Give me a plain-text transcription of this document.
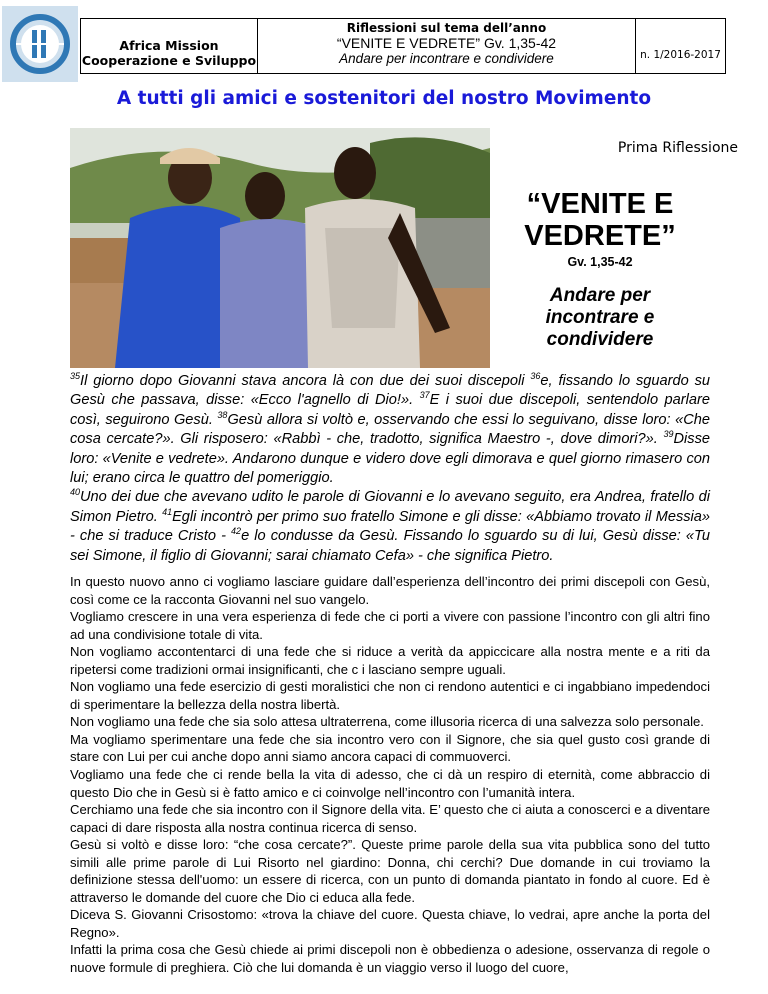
Africa Mission
Cooperazione e Sviluppo
Riflessioni sul tema dell’anno
“VENITE E VEDRETE” Gv. 1,35-42
Andare per incontrare e condividere	n. 1/2016-2017
A tutti gli amici e sostenitori del nostro Movimento
Prima Riflessione
“VENITE E
VEDRETE”
Gv. 1,35-42
Andare per
incontrare e
condividere
$^{35}$Il giorno dopo Giovanni stava ancora là con due dei suoi discepoli $^{36}$e, fissando lo sguardo su Gesù che passava, disse: «Ecco l'agnello di Dio!». $^{37}$E i suoi due discepoli, sentendolo parlare così, seguirono Gesù. $^{38}$Gesù allora si voltò e, osservando che essi lo seguivano, disse loro: «Che cosa cercate?». Gli risposero: «Rabbì - che, tradotto, significa Maestro -, dove dimori?». $^{39}$Disse loro: «Venite e vedrete». Andarono dunque e videro dove egli dimorava e quel giorno rimasero con lui; erano circa le quattro del pomeriggio.
$^{40}$Uno dei due che avevano udito le parole di Giovanni e lo avevano seguito, era Andrea, fratello di Simon Pietro. $^{41}$Egli incontrò per primo suo fratello Simone e gli disse: «Abbiamo trovato il Messia» - che si traduce Cristo - $^{42}$e lo condusse da Gesù. Fissando lo sguardo su di lui, Gesù disse: «Tu sei Simone, il figlio di Giovanni; sarai chiamato Cefa» - che significa Pietro.

In questo nuovo anno ci vogliamo lasciare guidare dall’esperienza dell’incontro dei primi discepoli con Gesù, così come ce la racconta Giovanni nel suo vangelo.

Vogliamo crescere in una vera esperienza di fede che ci porti a vivere con passione l’incontro con gli altri fino ad una condivisione totale di vita.

Non vogliamo accontentarci di una fede che si riduce a verità da appiccicare alla nostra mente e a riti da ripetersi come tradizioni ormai insignificanti, che c i lasciano sempre uguali.

Non vogliamo una fede esercizio di gesti moralistici che non ci rendono autentici e ci ingabbiano impedendoci di sperimentare la bellezza della nostra libertà.

Non vogliamo una fede che sia solo attesa ultraterrena, come illusoria ricerca di una salvezza solo personale.

Ma vogliamo sperimentare una fede che sia incontro vero con il Signore, che sia quel gusto così grande di stare con Lui per cui anche dopo anni siamo ancora capaci di commuoverci.

Vogliamo una fede che ci rende bella la vita di adesso, che ci dà un respiro di eternità, come abbraccio di questo Dio che in Gesù si è fatto amico e ci coinvolge nell’incontro con l’umanità intera.

Cerchiamo una fede che sia incontro con il Signore della vita. E’ questo che ci aiuta a conoscerci e a diventare capaci di dare risposta alla nostra continua ricerca di senso.

Gesù si voltò e disse loro: “che cosa cercate?”. Queste prime parole della sua vita pubblica sono del tutto simili alle prime parole di Lui Risorto nel giardino: Donna, chi cerchi? Due domande in cui troviamo la definizione stessa dell'uomo: un essere di ricerca, con un punto di domanda piantato in fondo al cuore. Ed è attraverso le domande del cuore che Dio ci educa alla fede.

Diceva S. Giovanni Crisostomo: «trova la chiave del cuore. Questa chiave, lo vedrai, apre anche la porta del Regno».

Infatti la prima cosa che Gesù chiede ai primi discepoli non è obbedienza o adesione, osservanza di regole o nuove formule di preghiera. Ciò che lui domanda è un viaggio verso il luogo del cuore,
